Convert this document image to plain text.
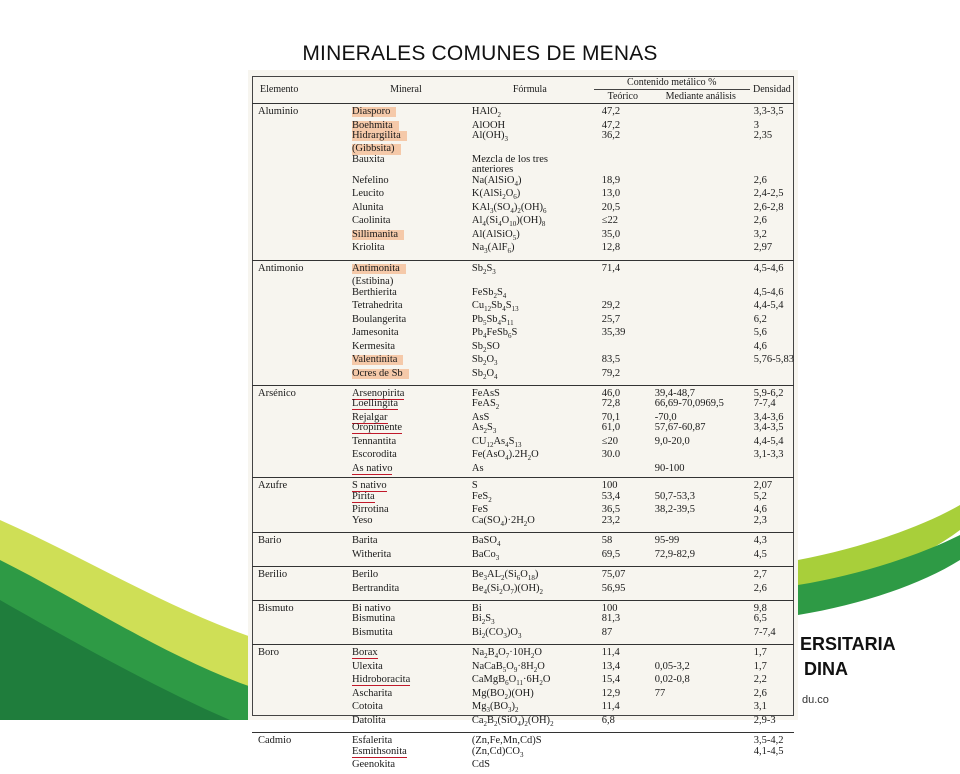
MINERALES COMUNES DE MENAS
ERSITARIA
DINA
du.co
Elemento	Mineral	Fórmula	Contenido metálico %		Densidad
			Teórico	Mediante análisis	
Aluminio	Diasporo	HAlO$_2$	47,2		3,3-3,5
	Boehmita	AlOOH	47,2		3
	Hidrargilita	$Al(OH)_3$	36,2		2,35
	(Gibbsita)				
	Bauxita	Mezcla de los tres			
		anteriores			
	Nefelino	Na(AlSiO$_4$)	18,9		2,6
	Leucito	$K(AlSi_2O_6)$	13,0		2,4-2,5
	Alunita	$KAl_3(SO_4)_2(OH)_6$	20,5		2,6-2,8
	Caolinita	$Al_4(Si_4O_{10})(OH)_8$	≤22		2,6
	Sillimanita	Al(AlSiO$_5$)	35,0		3,2
	Kriolita	$Na_3(AlF_6)$	12,8		2,97
Antimonio	Antimonita	$Sb_2S_3$	71,4		4,5-4,6
	(Estibina)				
	Berthierita	$FeSb_2S_4$			4,5-4,6
	Tetrahedrita	$Cu_{12}Sb_4S_{13}$	29,2		4,4-5,4
	Boulangerita	$Pb_5Sb_4S_{11}$	25,7		6,2
	Jamesonita	$Pb_4FeSb_6S$	35,39		5,6
	Kermesita	$Sb_2SO$			4,6
	Valentinita	$Sb_2O_3$	83,5		5,76-5,83
	Ocres de Sb	$Sb_2O_4$	79,2		
Arsénico	Arsenopirita	FeAsS	46,0	39,4-48,7	5,9-6,2
	Loellingita	FeAS$_2$	72,8	66,69-70,0969,5	7-7,4
	Rejalgar	AsS	70,1	-70,0	3,4-3,6
	Oropimente	$As_2S_3$	61,0	57,67-60,87	3,4-3,5
	Tennantita	$CU_{12}As_4S_{13}$	≤20	9,0-20,0	4,4-5,4
	Escorodita	$Fe(AsO_4).2H_2O$	30.0		3,1-3,3
	As nativo	As		90-100	
Azufre	S nativo	S	100		2,07
	Pirita	FeS$_2$	53,4	50,7-53,3	5,2
	Pirrotina	FeS	36,5	38,2-39,5	4,6
	Yeso	$Ca(SO_4)\cdot 2H_2O$	23,2		2,3
Bario	Barita	BaSO$_4$	58	95-99	4,3
	Witherita	BaCo$_3$	69,5	72,9-82,9	4,5
Berilio	Berilo	$Be_3AL_2(Si_6O_{18})$	75,07		2,7
	Bertrandita	$Be_4(Si_2O_7)(OH)_2$	56,95		2,6
Bismuto	Bi nativo	Bi	100		9,8
	Bismutina	$Bi_2S_3$	81,3		6,5
	Bismutita	$Bi_2(CO_3)O_3$	87		7-7,4
Boro	Borax	$Na_2B_4O_7\cdot 10H_2O$	11,4		1,7
	Ulexita	$NaCaB_5O_9\cdot 8H_2O$	13,4	0,05-3,2	1,7
	Hidroboracita	$CaMgB_6O_{11}\cdot 6H_2O$	15,4	0,02-0,8	2,2
	Ascharita	$Mg(BO_2)(OH)$	12,9	77	2,6
	Cotoita	$Mg_3(BO_3)_2$	11,4		3,1
	Datolita	$Ca_2B_2(SiO_4)_2(OH)_2$	6,8		2,9-3
Cadmio	Esfalerita	(Zn,Fe,Mn,Cd)S			3,5-4,2
	Esmithsonita	$(Zn,Cd)CO_3$			4,1-4,5
	Geenokita	CdS			
